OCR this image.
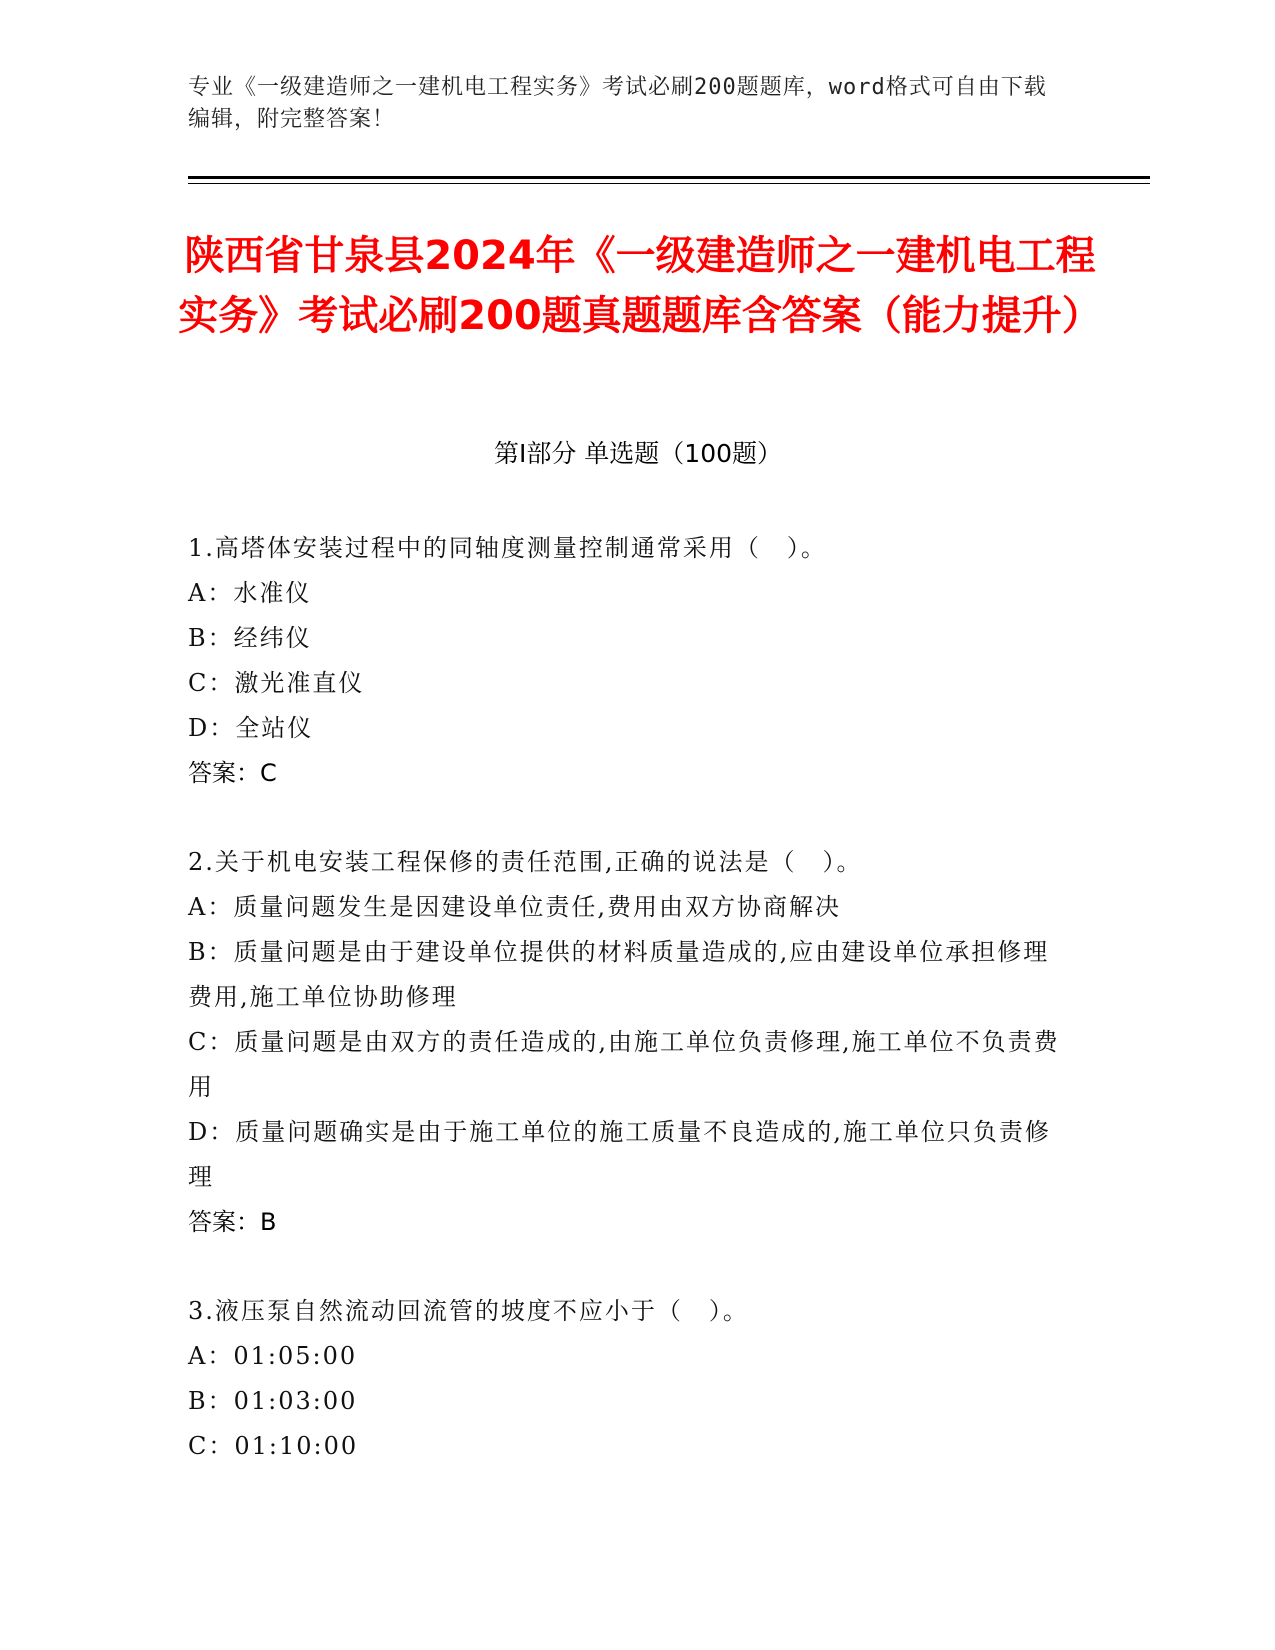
专业《一级建造师之一建机电工程实务》考试必刷200题题库，word格式可自由下载编辑，附完整答案！
陕西省甘泉县2024年《一级建造师之一建机电工程实务》考试必刷200题真题题库含答案（能力提升）
第Ⅰ部分 单选题（100题）

1.高塔体安装过程中的同轴度测量控制通常采用（　）。

A：水准仪

B：经纬仪

C：激光准直仪

D：全站仪

答案：C

2.关于机电安装工程保修的责任范围,正确的说法是（　）。

A：质量问题发生是因建设单位责任,费用由双方协商解决

B：质量问题是由于建设单位提供的材料质量造成的,应由建设单位承担修理费用,施工单位协助修理

C：质量问题是由双方的责任造成的,由施工单位负责修理,施工单位不负责费用

D：质量问题确实是由于施工单位的施工质量不良造成的,施工单位只负责修理

答案：B

3.液压泵自然流动回流管的坡度不应小于（　）。

A：01:05:00

B：01:03:00

C：01:10:00
